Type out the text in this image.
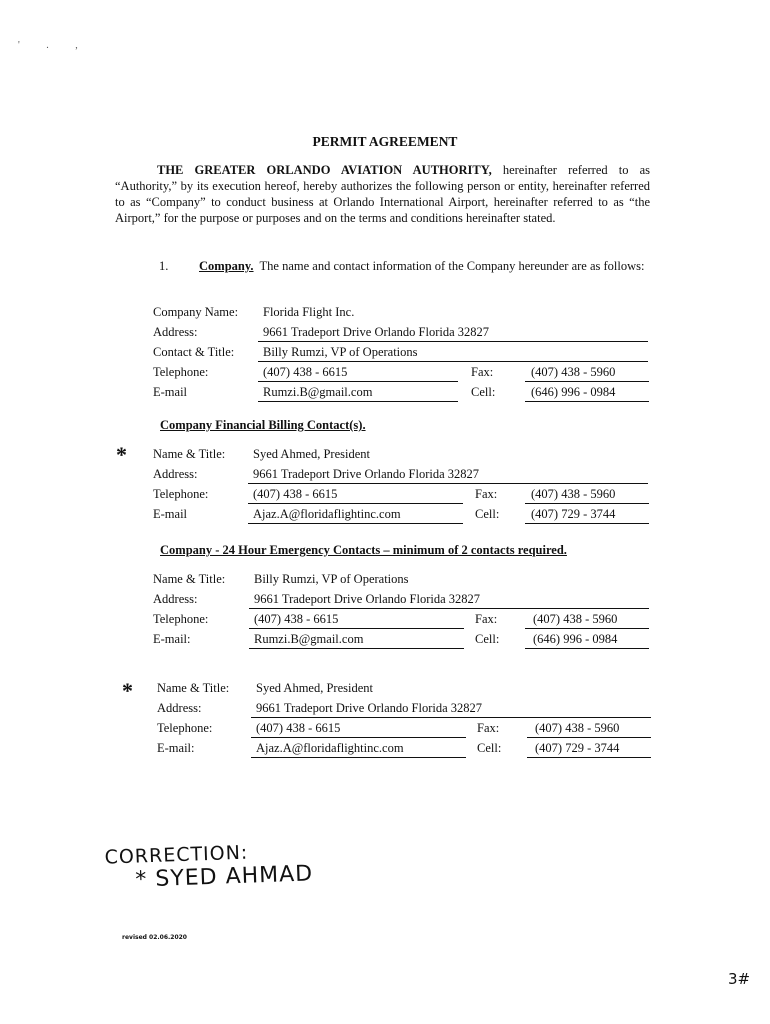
' . ,
PERMIT AGREEMENT
THE GREATER ORLANDO AVIATION AUTHORITY, hereinafter referred to as “Authority,” by its execution hereof, hereby authorizes the following person or entity, hereinafter referred to as “Company” to conduct business at Orlando International Airport, hereinafter referred to as “the Airport,” for the purpose or purposes and on the terms and conditions hereinafter stated.
1. Company. The name and contact information of the Company hereunder are as follows:
Company Name: Florida Flight Inc.
Address:	9661 Tradeport Drive Orlando Florida 32827
Contact & Title: Billy Rumzi, VP of Operations
Telephone:	(407) 438 - 6615	Fax:	(407) 438 - 5960
E-mail	Rumzi.B@gmail.com	Cell:	(646) 996 - 0984
Company Financial Billing Contact(s).
* Name & Title: Syed Ahmed, President
Address:	9661 Tradeport Drive Orlando Florida 32827
Telephone:	(407) 438 - 6615	Fax:	(407) 438 - 5960
E-mail	Ajaz.A@floridaflightinc.com	Cell:	(407) 729 - 3744
Company - 24 Hour Emergency Contacts – minimum of 2 contacts required.
Name & Title: Billy Rumzi, VP of Operations
Address:	9661 Tradeport Drive Orlando Florida 32827
Telephone:	(407) 438 - 6615	Fax:	(407) 438 - 5960
E-mail:	Rumzi.B@gmail.com	Cell:	(646) 996 - 0984
* Name & Title: Syed Ahmed, President
Address:	9661 Tradeport Drive Orlando Florida 32827
Telephone:	(407) 438 - 6615	Fax:	(407) 438 - 5960
E-mail:	Ajaz.A@floridaflightinc.com	Cell:	(407) 729 - 3744
CORRECTION:
* SYED AHMAD
revised 02.06.2020
3#
